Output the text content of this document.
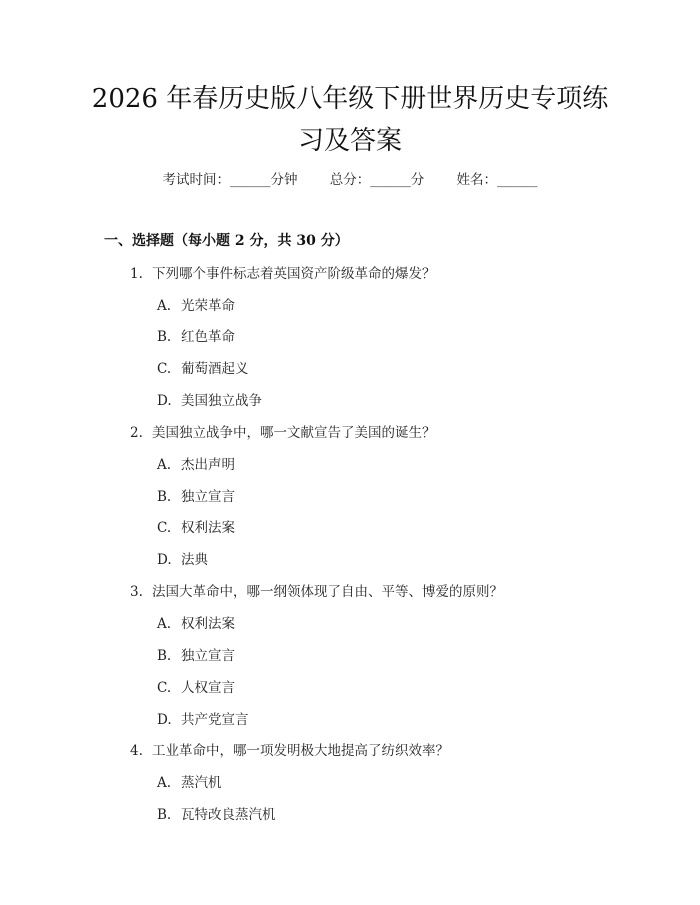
2026 年春历史版八年级下册世界历史专项练
习及答案
考试时间：______分钟 总分：______分 姓名：______
一、选择题（每小题 2 分，共 30 分）
1. 下列哪个事件标志着英国资产阶级革命的爆发？
A. 光荣革命
B. 红色革命
C. 葡萄酒起义
D. 美国独立战争
2. 美国独立战争中，哪一文献宣告了美国的诞生？
A. 杰出声明
B. 独立宣言
C. 权利法案
D. 法典
3. 法国大革命中，哪一纲领体现了自由、平等、博爱的原则？
A. 权利法案
B. 独立宣言
C. 人权宣言
D. 共产党宣言
4. 工业革命中，哪一项发明极大地提高了纺织效率？
A. 蒸汽机
B. 瓦特改良蒸汽机
